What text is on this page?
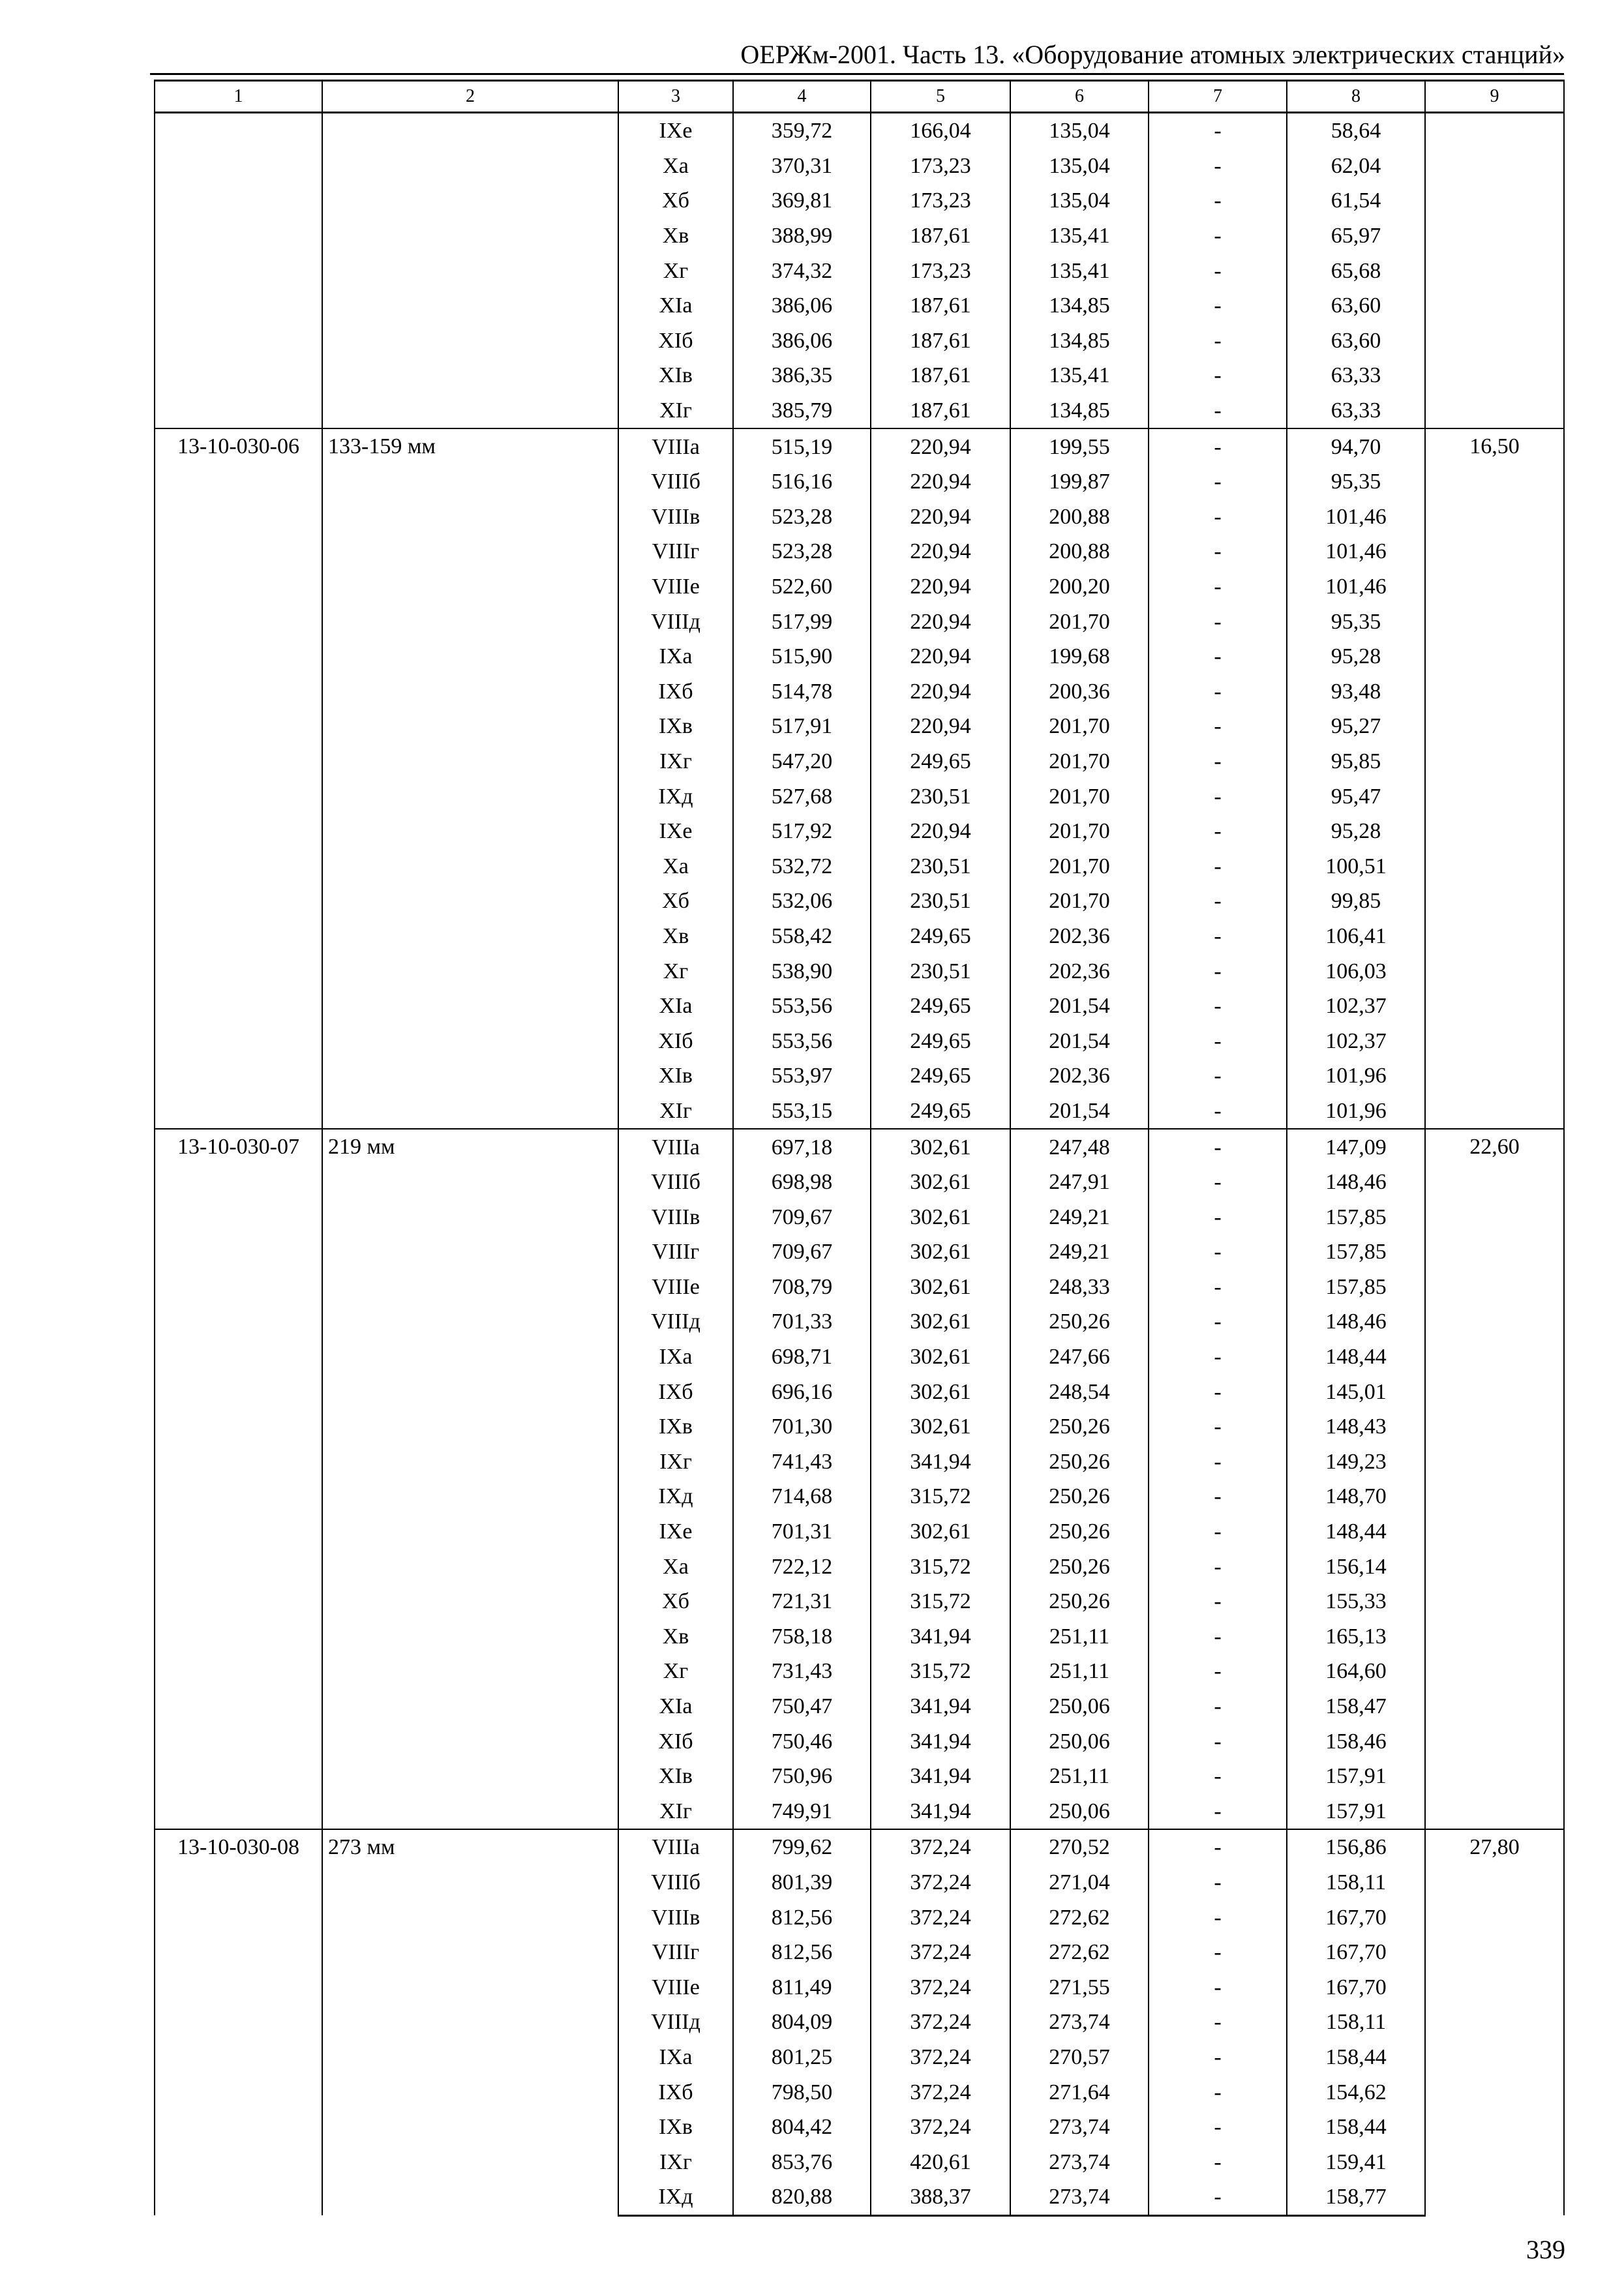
ОЕРЖм-2001. Часть 13. «Оборудование атомных электрических станций»
1	2	3	4	5	6	7	8	9
		IXе	359,72	166,04	135,04	-	58,64	
		Xа	370,31	173,23	135,04	-	62,04	
		Xб	369,81	173,23	135,04	-	61,54	
		Xв	388,99	187,61	135,41	-	65,97	
		Xг	374,32	173,23	135,41	-	65,68	
		XIа	386,06	187,61	134,85	-	63,60	
		XIб	386,06	187,61	134,85	-	63,60	
		XIв	386,35	187,61	135,41	-	63,33	
		XIг	385,79	187,61	134,85	-	63,33	
13-10-030-06	133-159 мм	VIIIа	515,19	220,94	199,55	-	94,70	16,50
		VIIIб	516,16	220,94	199,87	-	95,35	
		VIIIв	523,28	220,94	200,88	-	101,46	
		VIIIг	523,28	220,94	200,88	-	101,46	
		VIIIе	522,60	220,94	200,20	-	101,46	
		VIIIд	517,99	220,94	201,70	-	95,35	
		IXа	515,90	220,94	199,68	-	95,28	
		IXб	514,78	220,94	200,36	-	93,48	
		IXв	517,91	220,94	201,70	-	95,27	
		IXг	547,20	249,65	201,70	-	95,85	
		IXд	527,68	230,51	201,70	-	95,47	
		IXе	517,92	220,94	201,70	-	95,28	
		Xа	532,72	230,51	201,70	-	100,51	
		Xб	532,06	230,51	201,70	-	99,85	
		Xв	558,42	249,65	202,36	-	106,41	
		Xг	538,90	230,51	202,36	-	106,03	
		XIа	553,56	249,65	201,54	-	102,37	
		XIб	553,56	249,65	201,54	-	102,37	
		XIв	553,97	249,65	202,36	-	101,96	
		XIг	553,15	249,65	201,54	-	101,96	
13-10-030-07	219 мм	VIIIа	697,18	302,61	247,48	-	147,09	22,60
		VIIIб	698,98	302,61	247,91	-	148,46	
		VIIIв	709,67	302,61	249,21	-	157,85	
		VIIIг	709,67	302,61	249,21	-	157,85	
		VIIIе	708,79	302,61	248,33	-	157,85	
		VIIIд	701,33	302,61	250,26	-	148,46	
		IXа	698,71	302,61	247,66	-	148,44	
		IXб	696,16	302,61	248,54	-	145,01	
		IXв	701,30	302,61	250,26	-	148,43	
		IXг	741,43	341,94	250,26	-	149,23	
		IXд	714,68	315,72	250,26	-	148,70	
		IXе	701,31	302,61	250,26	-	148,44	
		Xа	722,12	315,72	250,26	-	156,14	
		Xб	721,31	315,72	250,26	-	155,33	
		Xв	758,18	341,94	251,11	-	165,13	
		Xг	731,43	315,72	251,11	-	164,60	
		XIа	750,47	341,94	250,06	-	158,47	
		XIб	750,46	341,94	250,06	-	158,46	
		XIв	750,96	341,94	251,11	-	157,91	
		XIг	749,91	341,94	250,06	-	157,91	
13-10-030-08	273 мм	VIIIа	799,62	372,24	270,52	-	156,86	27,80
		VIIIб	801,39	372,24	271,04	-	158,11	
		VIIIв	812,56	372,24	272,62	-	167,70	
		VIIIг	812,56	372,24	272,62	-	167,70	
		VIIIе	811,49	372,24	271,55	-	167,70	
		VIIIд	804,09	372,24	273,74	-	158,11	
		IXа	801,25	372,24	270,57	-	158,44	
		IXб	798,50	372,24	271,64	-	154,62	
		IXв	804,42	372,24	273,74	-	158,44	
		IXг	853,76	420,61	273,74	-	159,41	
		IXд	820,88	388,37	273,74	-	158,77	
339
